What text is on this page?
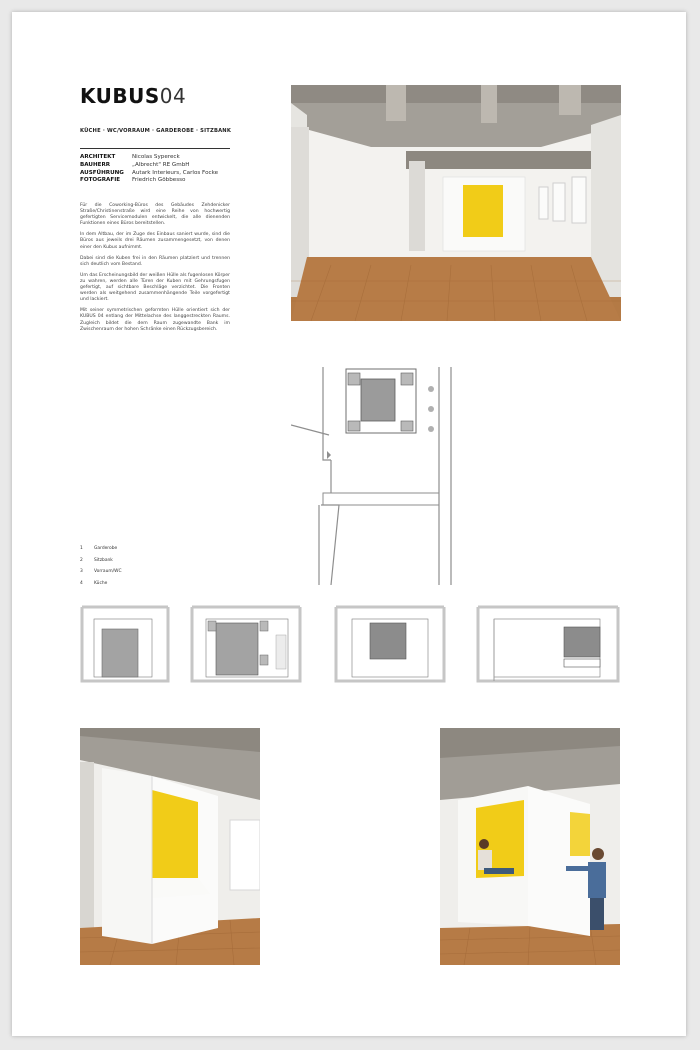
KUBUS04
KÜCHE · WC/VORRAUM · GARDEROBE · SITZBANK
ARCHITEKT	Nicolas Sypereck
BAUHERR	„Albrecht" RE GmbH
AUSFÜHRUNG	Autark Interieurs, Carlos Focke
FOTOGRAFIE	Friedrich Göbbesso

Für die Coworking-Büros des Gebäudes Zehdenicker Straße/Christinenstraße wird eine Reihe von hochwertig gefertigten Servicemodulen entwickelt, die alle dienenden Funktionen eines Büros bereitstellen.

In dem Altbau, der im Zuge des Einbaus saniert wurde, sind die Büros aus jeweils drei Räumen zusammengesetzt, von denen einer den Kubus aufnimmt.

Dabei sind die Kuben frei in den Räumen platziert und trennen sich deutlich vom Bestand.

Um das Erscheinungsbild der weißen Hülle als fugenlosen Körper zu wahren, werden alle Türen der Kuben mit Gehrungsfugen gefertigt, auf sichtbare Beschläge verzichtet. Die Fronten werden als weitgehend zusammenhängende Teile vorgefertigt und lackiert.

Mit seiner symmetrischen geformten Hülle orientiert sich der KUBUS 04 entlang der Mittelachse des langgestreckten Raums. Zugleich bildet die dem Raum zugewandte Bank im Zwischenraum der hohen Schränke einen Rückzugsbereich.

1	Garderobe
2	Sitzbank
3	Vorraum/WC
4	Küche
